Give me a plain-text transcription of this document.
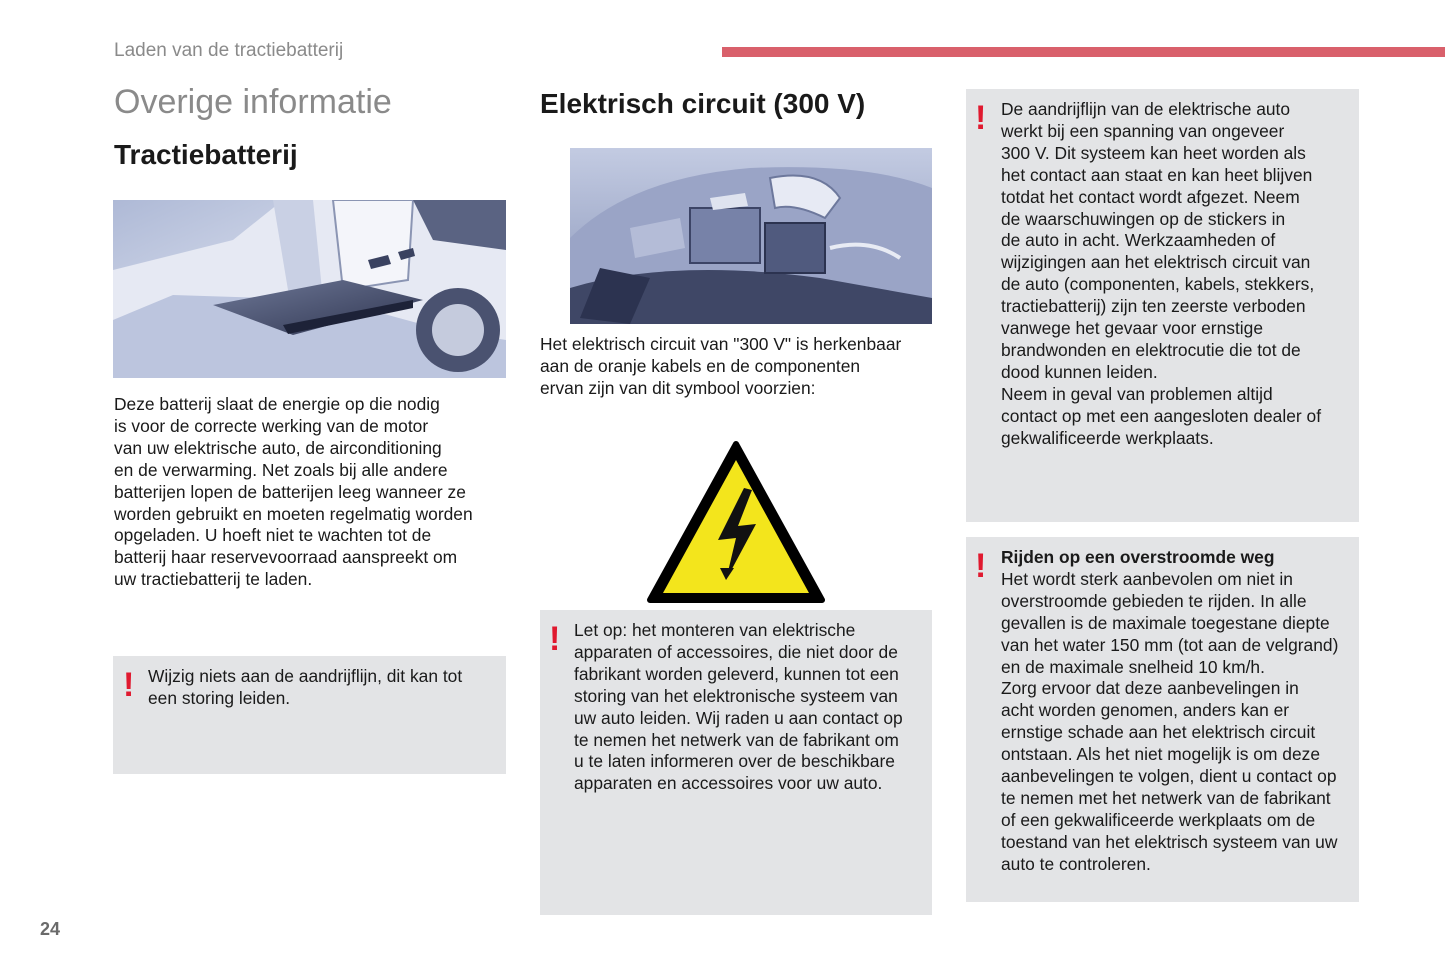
Laden van de tractiebatterij
Overige informatie
Tractiebatterij
Elektrisch circuit (300 V)
Deze batterij slaat de energie op die nodig
is voor de correcte werking van de motor
van uw elektrische auto, de airconditioning
en de verwarming. Net zoals bij alle andere
batterijen lopen de batterijen leeg wanneer ze
worden gebruikt en moeten regelmatig worden
opgeladen. U hoeft niet te wachten tot de
batterij haar reservevoorraad aanspreekt om
uw tractiebatterij te laden.
Het elektrisch circuit van "300 V" is herkenbaar
aan de oranje kabels en de componenten
ervan zijn van dit symbool voorzien:
! Wijzig niets aan de aandrijflijn, dit kan tot
een storing leiden.
! Let op: het monteren van elektrische
apparaten of accessoires, die niet door de
fabrikant worden geleverd, kunnen tot een
storing van het elektronische systeem van
uw auto leiden. Wij raden u aan contact op
te nemen het netwerk van de fabrikant om
u te laten informeren over de beschikbare
apparaten en accessoires voor uw auto.
! De aandrijflijn van de elektrische auto
werkt bij een spanning van ongeveer
300 V. Dit systeem kan heet worden als
het contact aan staat en kan heet blijven
totdat het contact wordt afgezet. Neem
de waarschuwingen op de stickers in
de auto in acht. Werkzaamheden of
wijzigingen aan het elektrisch circuit van
de auto (componenten, kabels, stekkers,
tractiebatterij) zijn ten zeerste verboden
vanwege het gevaar voor ernstige
brandwonden en elektrocutie die tot de
dood kunnen leiden.
Neem in geval van problemen altijd
contact op met een aangesloten dealer of
gekwalificeerde werkplaats.
! Rijden op een overstroomde weg
Het wordt sterk aanbevolen om niet in
overstroomde gebieden te rijden. In alle
gevallen is de maximale toegestane diepte
van het water 150 mm (tot aan de velgrand)
en de maximale snelheid 10 km/h.
Zorg ervoor dat deze aanbevelingen in
acht worden genomen, anders kan er
ernstige schade aan het elektrisch circuit
ontstaan. Als het niet mogelijk is om deze
aanbevelingen te volgen, dient u contact op
te nemen met het netwerk van de fabrikant
of een gekwalificeerde werkplaats om de
toestand van het elektrisch systeem van uw
auto te controleren.
24
